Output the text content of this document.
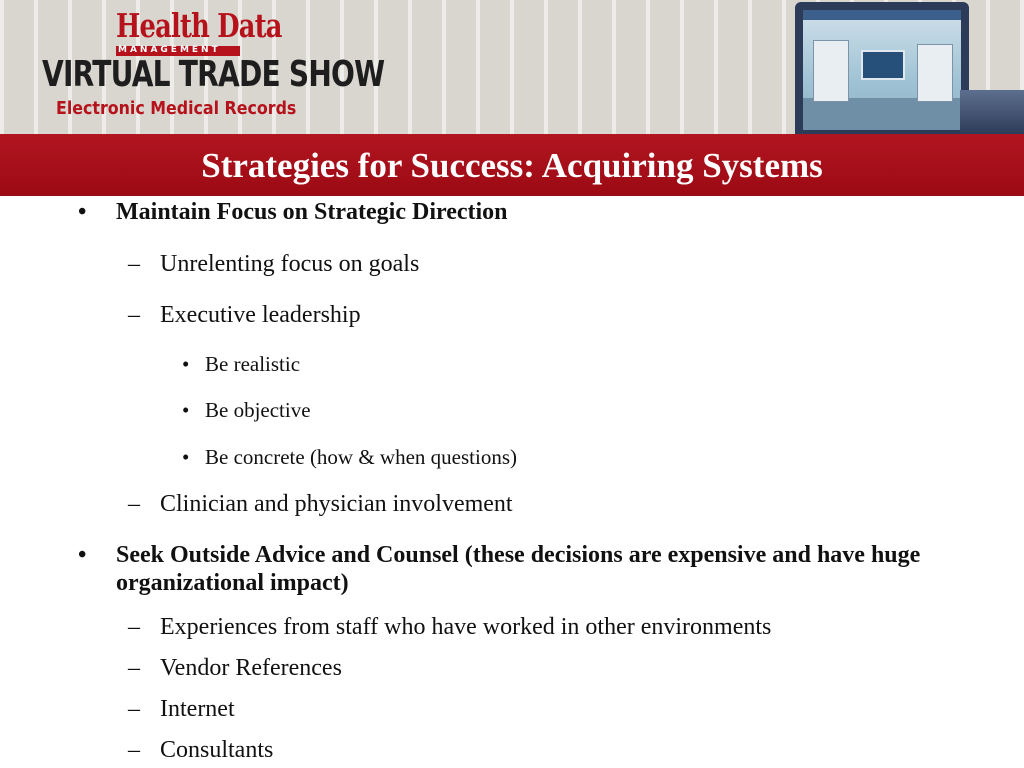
Health Data
MANAGEMENT
VIRTUAL TRADE SHOW
Electronic Medical Records
Strategies for Success: Acquiring Systems
• Maintain Focus on Strategic Direction
– Unrelenting focus on goals
– Executive leadership
• Be realistic
• Be objective
• Be concrete (how & when questions)
– Clinician and physician involvement
• Seek Outside Advice and Counsel (these decisions are expensive and have huge organizational impact)
– Experiences from staff who have worked in other environments
– Vendor References
– Internet
– Consultants
